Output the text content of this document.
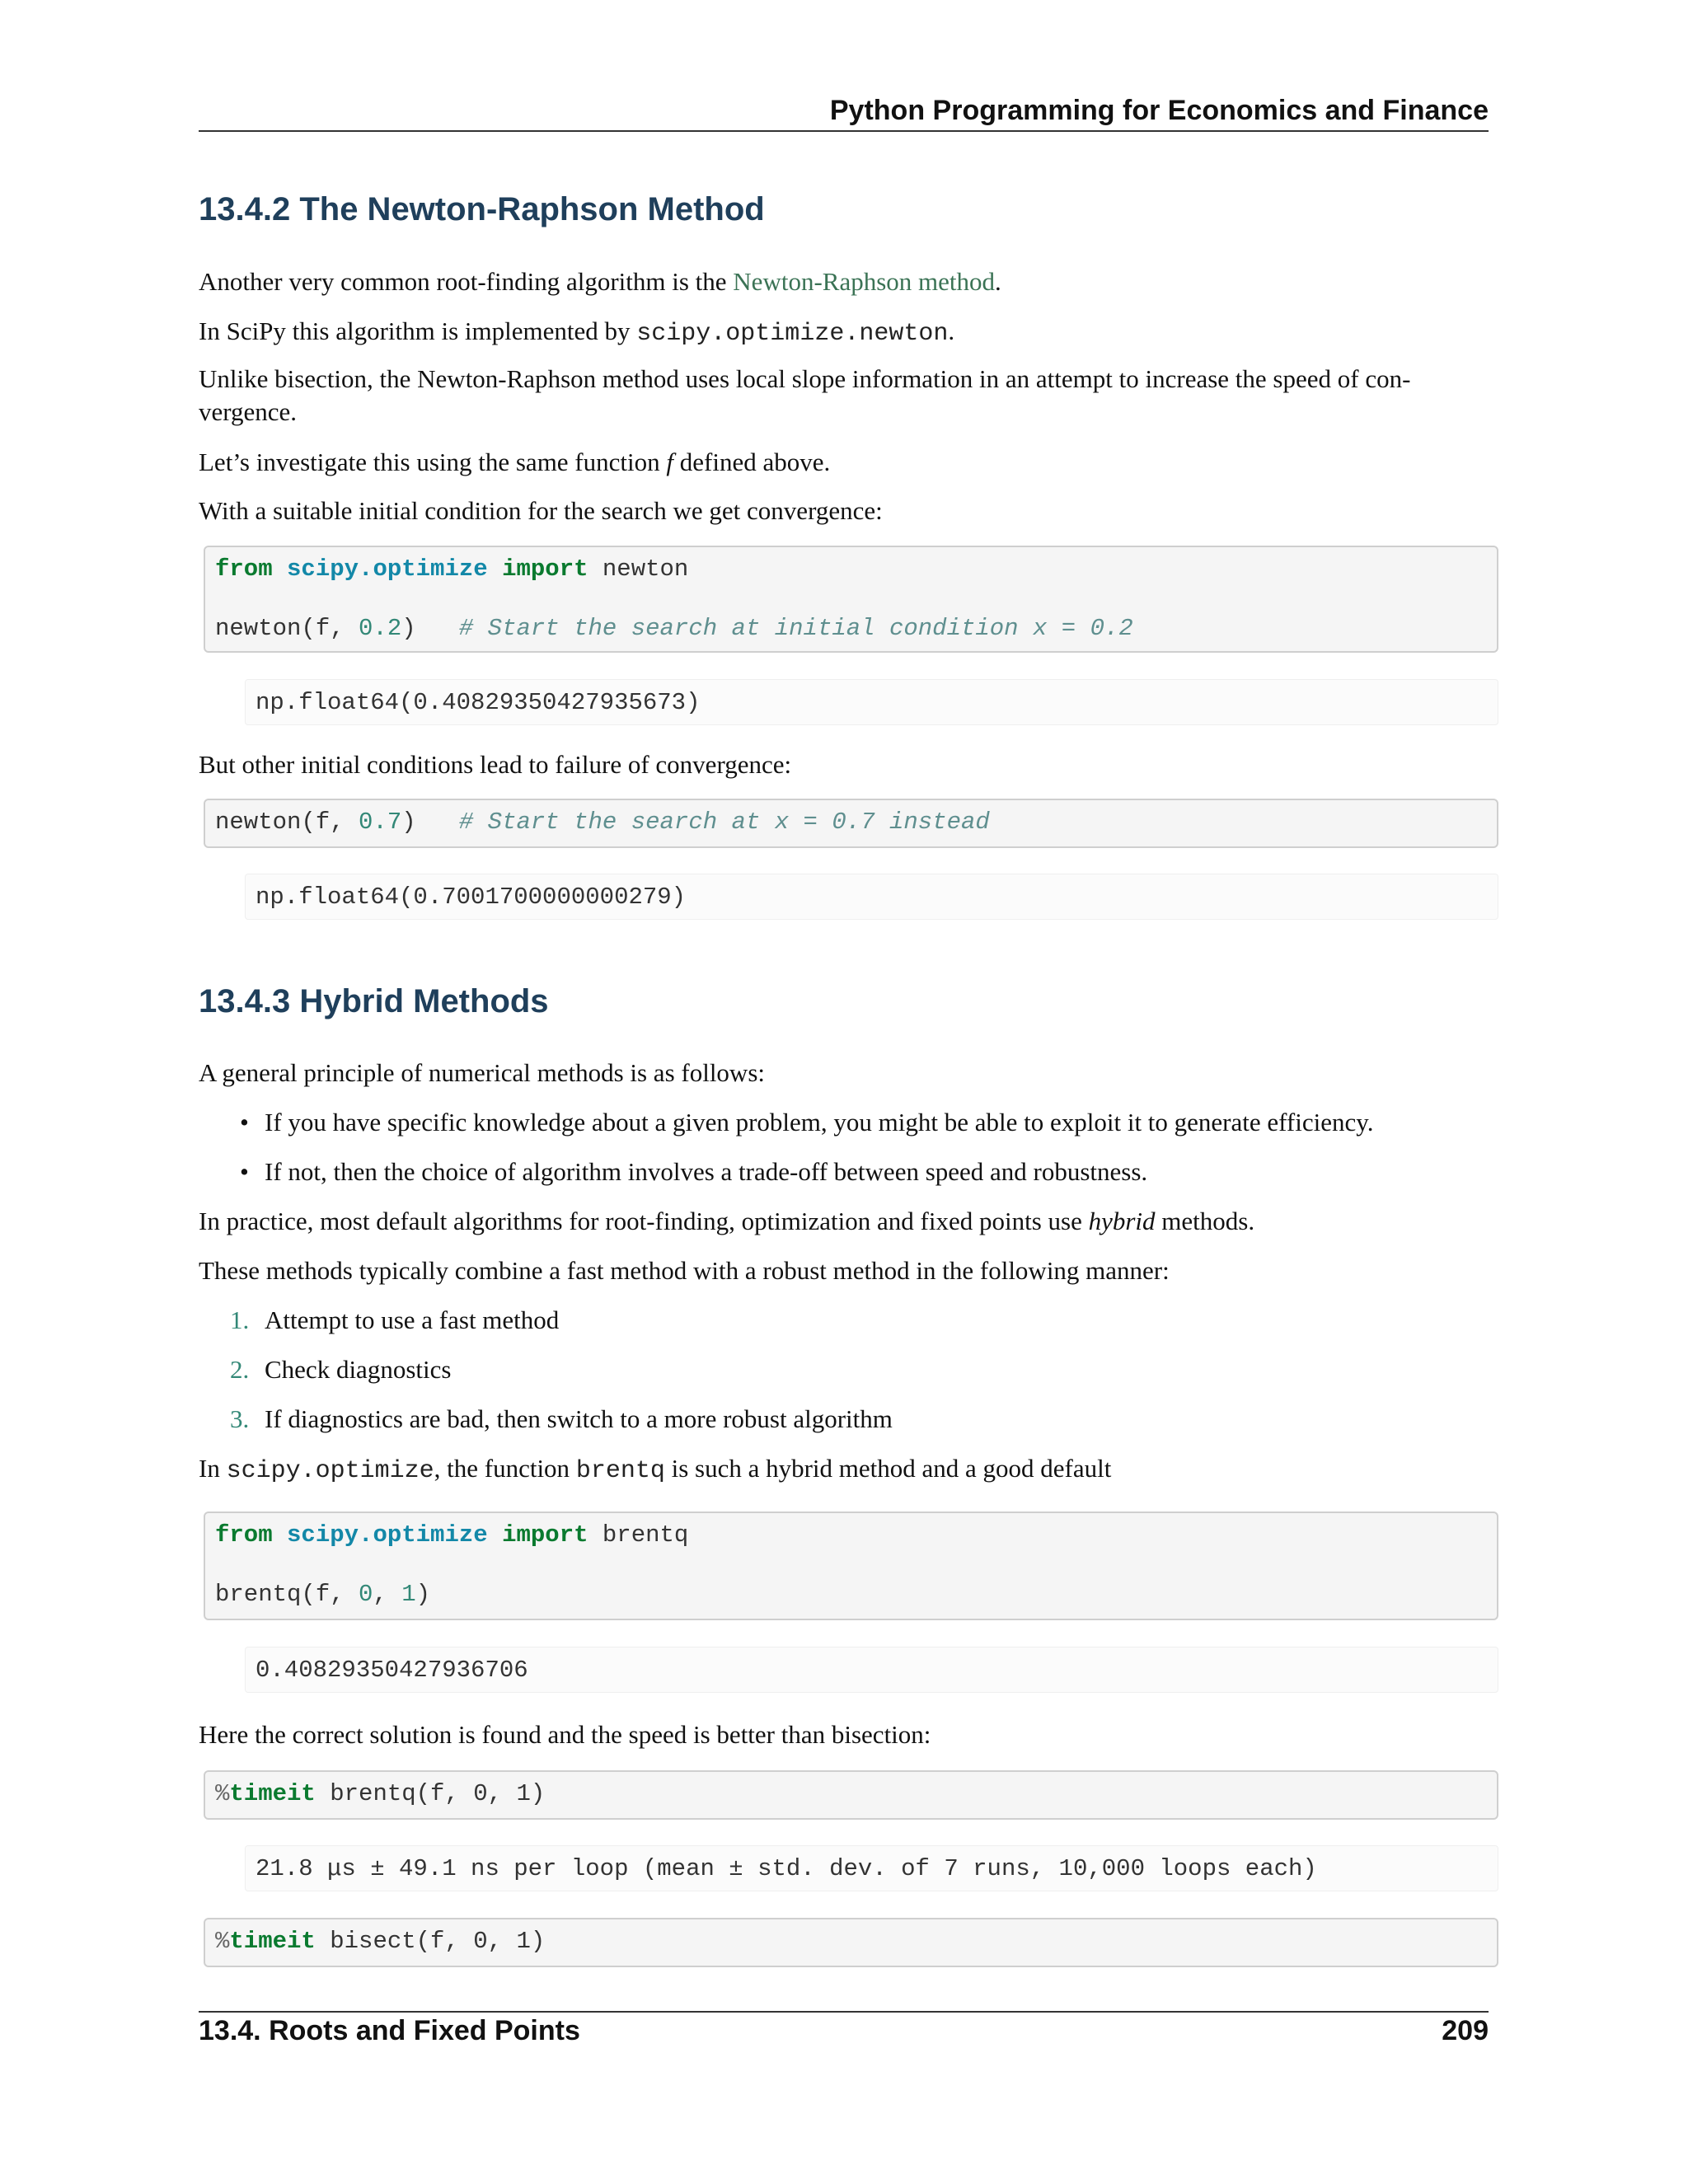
Python Programming for Economics and Finance
13.4.2 The Newton-Raphson Method

Another very common root-finding algorithm is the Newton-Raphson method.

In SciPy this algorithm is implemented by scipy.optimize.newton.

Unlike bisection, the Newton-Raphson method uses local slope information in an attempt to increase the speed of con-
vergence.

Let’s investigate this using the same function f defined above.

With a suitable initial condition for the search we get convergence:

from scipy.optimize import newton
newton(f, 0.2)   # Start the search at initial condition x = 0.2
np.float64(0.40829350427935673)

But other initial conditions lead to failure of convergence:

newton(f, 0.7)   # Start the search at x = 0.7 instead
np.float64(0.7001700000000279)
13.4.3 Hybrid Methods

A general principle of numerical methods is as follows:

• If you have specific knowledge about a given problem, you might be able to exploit it to generate efficiency.
• If not, then the choice of algorithm involves a trade-off between speed and robustness.

In practice, most default algorithms for root-finding, optimization and fixed points use hybrid methods.

These methods typically combine a fast method with a robust method in the following manner:

1. Attempt to use a fast method
2. Check diagnostics
3. If diagnostics are bad, then switch to a more robust algorithm

In scipy.optimize, the function brentq is such a hybrid method and a good default

from scipy.optimize import brentq
brentq(f, 0, 1)
0.40829350427936706

Here the correct solution is found and the speed is better than bisection:

%timeit brentq(f, 0, 1)
21.8 μs ± 49.1 ns per loop (mean ± std. dev. of 7 runs, 10,000 loops each)
%timeit bisect(f, 0, 1)
13.4. Roots and Fixed Points	209
